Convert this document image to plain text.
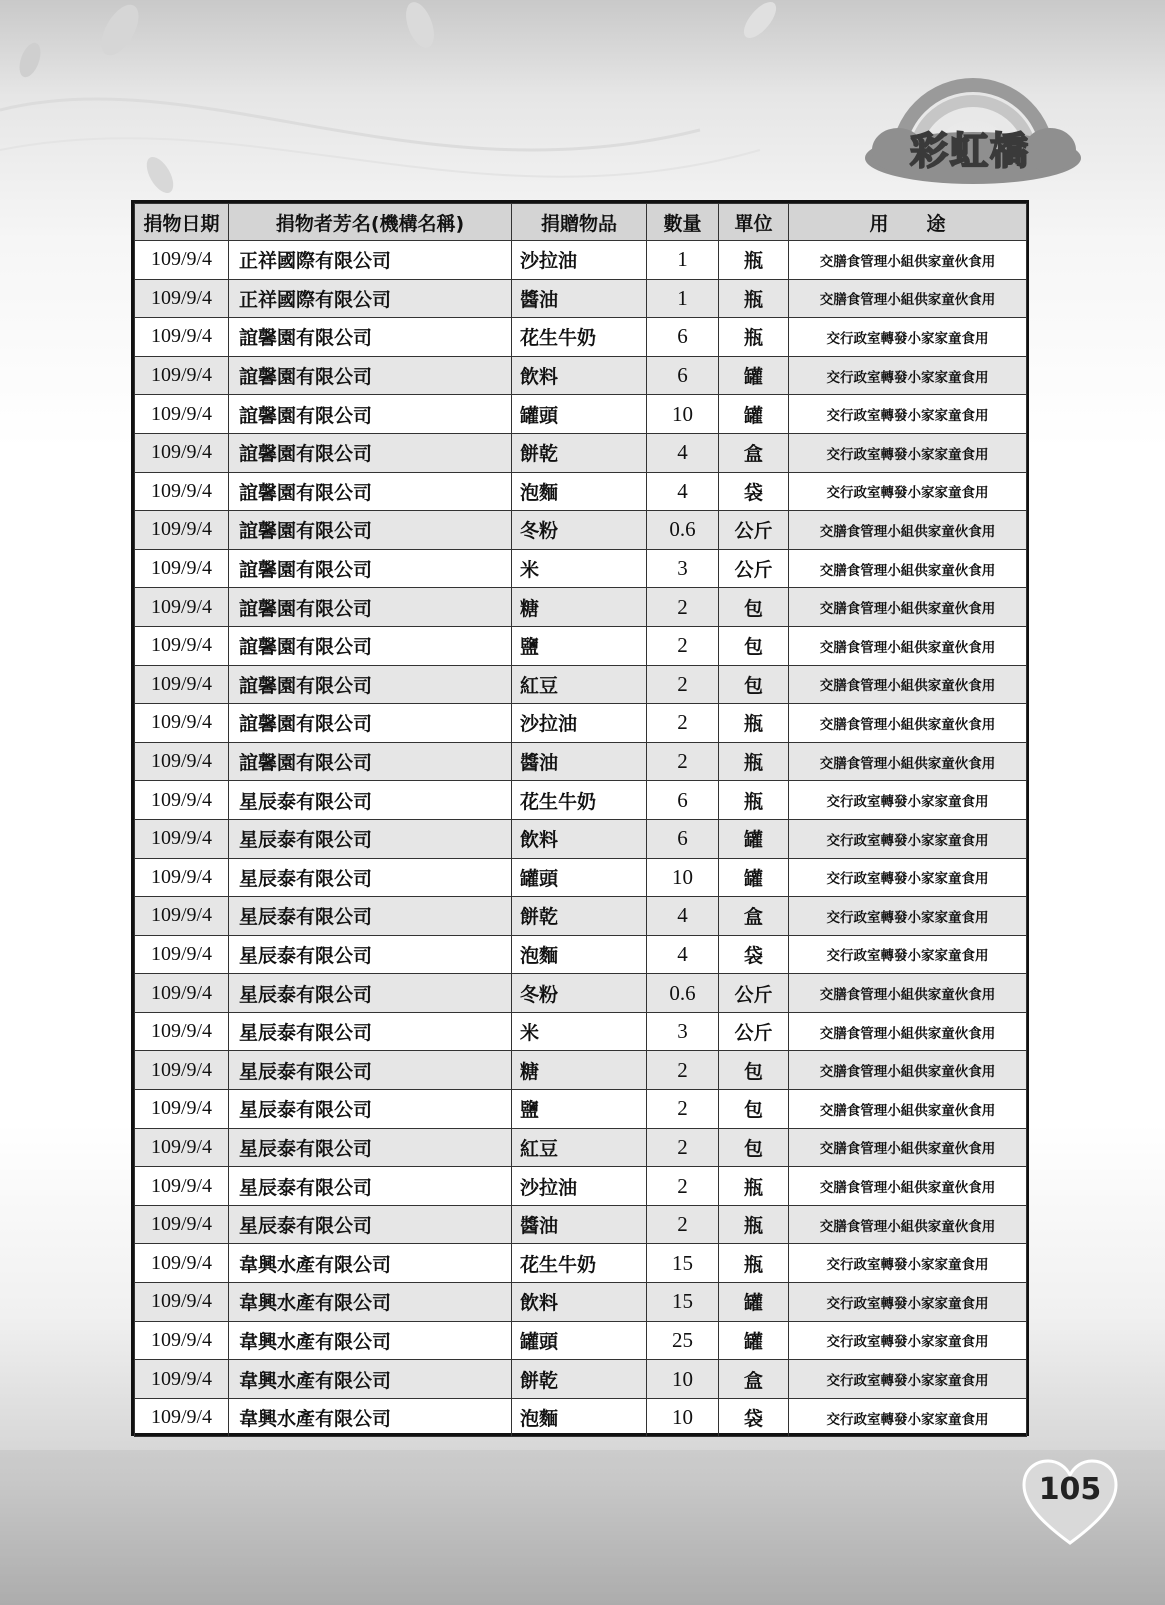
彩虹橋
捐物日期	捐物者芳名(機構名稱)	捐贈物品	數量	單位	用　　途
109/9/4	正祥國際有限公司	沙拉油	1	瓶	交膳食管理小組供家童伙食用
109/9/4	正祥國際有限公司	醬油	1	瓶	交膳食管理小組供家童伙食用
109/9/4	誼馨園有限公司	花生牛奶	6	瓶	交行政室轉發小家家童食用
109/9/4	誼馨園有限公司	飲料	6	罐	交行政室轉發小家家童食用
109/9/4	誼馨園有限公司	罐頭	10	罐	交行政室轉發小家家童食用
109/9/4	誼馨園有限公司	餅乾	4	盒	交行政室轉發小家家童食用
109/9/4	誼馨園有限公司	泡麵	4	袋	交行政室轉發小家家童食用
109/9/4	誼馨園有限公司	冬粉	0.6	公斤	交膳食管理小組供家童伙食用
109/9/4	誼馨園有限公司	米	3	公斤	交膳食管理小組供家童伙食用
109/9/4	誼馨園有限公司	糖	2	包	交膳食管理小組供家童伙食用
109/9/4	誼馨園有限公司	鹽	2	包	交膳食管理小組供家童伙食用
109/9/4	誼馨園有限公司	紅豆	2	包	交膳食管理小組供家童伙食用
109/9/4	誼馨園有限公司	沙拉油	2	瓶	交膳食管理小組供家童伙食用
109/9/4	誼馨園有限公司	醬油	2	瓶	交膳食管理小組供家童伙食用
109/9/4	星辰泰有限公司	花生牛奶	6	瓶	交行政室轉發小家家童食用
109/9/4	星辰泰有限公司	飲料	6	罐	交行政室轉發小家家童食用
109/9/4	星辰泰有限公司	罐頭	10	罐	交行政室轉發小家家童食用
109/9/4	星辰泰有限公司	餅乾	4	盒	交行政室轉發小家家童食用
109/9/4	星辰泰有限公司	泡麵	4	袋	交行政室轉發小家家童食用
109/9/4	星辰泰有限公司	冬粉	0.6	公斤	交膳食管理小組供家童伙食用
109/9/4	星辰泰有限公司	米	3	公斤	交膳食管理小組供家童伙食用
109/9/4	星辰泰有限公司	糖	2	包	交膳食管理小組供家童伙食用
109/9/4	星辰泰有限公司	鹽	2	包	交膳食管理小組供家童伙食用
109/9/4	星辰泰有限公司	紅豆	2	包	交膳食管理小組供家童伙食用
109/9/4	星辰泰有限公司	沙拉油	2	瓶	交膳食管理小組供家童伙食用
109/9/4	星辰泰有限公司	醬油	2	瓶	交膳食管理小組供家童伙食用
109/9/4	韋興水產有限公司	花生牛奶	15	瓶	交行政室轉發小家家童食用
109/9/4	韋興水產有限公司	飲料	15	罐	交行政室轉發小家家童食用
109/9/4	韋興水產有限公司	罐頭	25	罐	交行政室轉發小家家童食用
109/9/4	韋興水產有限公司	餅乾	10	盒	交行政室轉發小家家童食用
109/9/4	韋興水產有限公司	泡麵	10	袋	交行政室轉發小家家童食用
105
